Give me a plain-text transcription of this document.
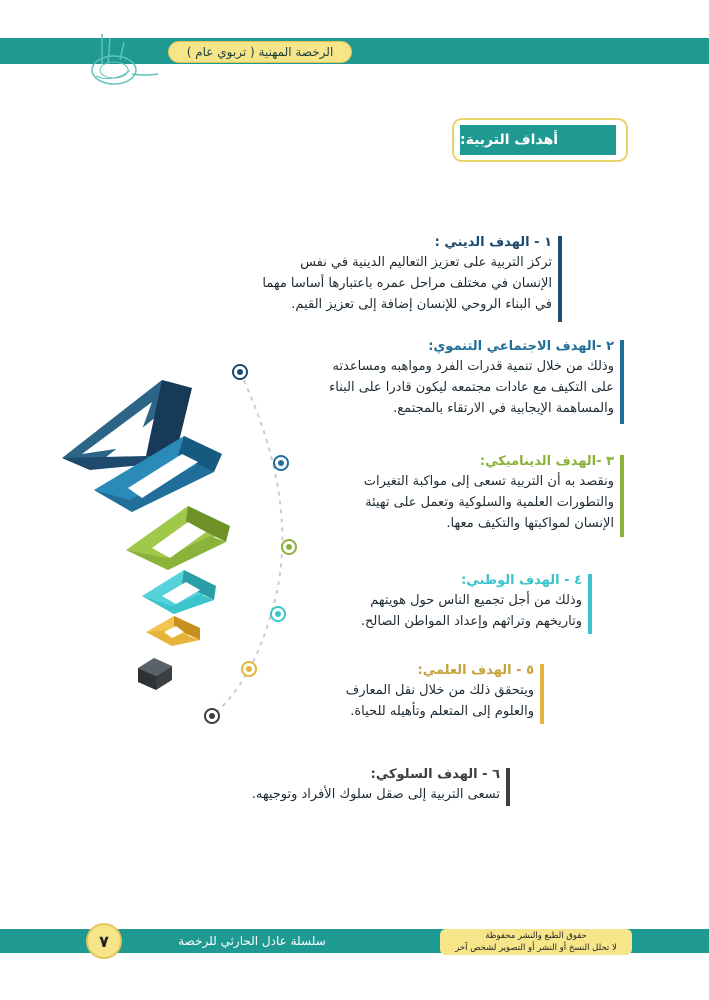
الرخصة المهنية ( تربوي عام )
أهداف التربية:
١ - الهدف الديني :
تركز التربية على تعزيز التعاليم الدينية في نفس
الإنسان في مختلف مراحل عمره باعتبارها أساسا مهما
في البناء الروحي للإنسان إضافة إلى تعزيز القيم.
٢ -الهدف الاجتماعي التنموي:
وذلك من خلال تنمية قدرات الفرد ومواهبه ومساعدته
على التكيف مع عادات مجتمعه ليكون قادرا على البناء
والمساهمة الإيجابية في الارتقاء بالمجتمع.
٣ -الهدف الديناميكي:
ونقصد به أن التربية تسعى إلى مواكبة التغيرات
والتطورات العلمية والسلوكية وتعمل على تهيئة
الإنسان لمواكبتها والتكيف معها.
٤ - الهدف الوطني:
وذلك من أجل تجميع الناس حول هويتهم
وتاريخهم وتراثهم وإعداد المواطن الصالح.
٥ - الهدف العلمي:
ويتحقق ذلك من خلال نقل المعارف
والعلوم إلى المتعلم وتأهيله للحياة.
٦ - الهدف السلوكي:
تسعى التربية إلى صقل سلوك الأفراد وتوجيهه.
سلسلة عادل الحارثي للرخصة المهنية
حقوق الطبع والنشر محفوظة
لا تحلل النسخ أو النشر أو التصوير لشخص آخر
٧
